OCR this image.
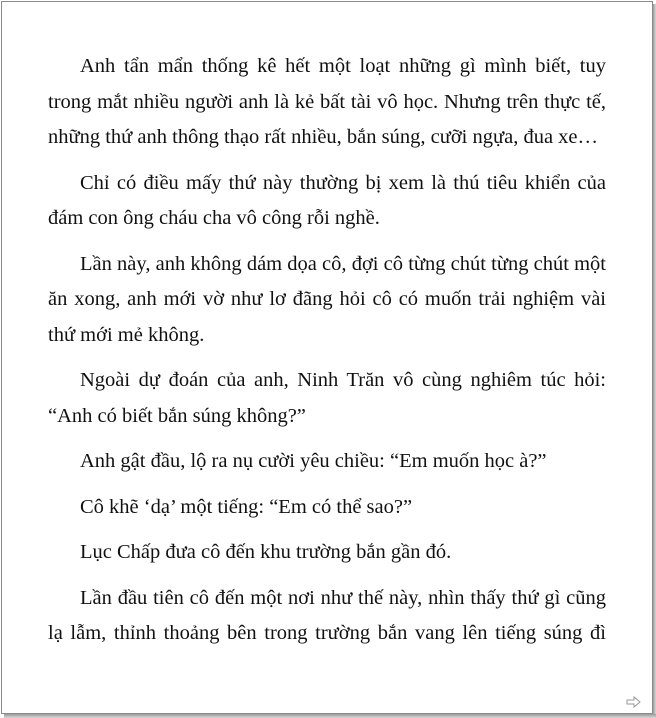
Anh tẩn mẩn thống kê hết một loạt những gì mình biết, tuy trong mắt nhiều người anh là kẻ bất tài vô học. Nhưng trên thực tế, những thứ anh thông thạo rất nhiều, bắn súng, cưỡi ngựa, đua xe…

Chỉ có điều mấy thứ này thường bị xem là thú tiêu khiển của đám con ông cháu cha vô công rỗi nghề.

Lần này, anh không dám dọa cô, đợi cô từng chút từng chút một ăn xong, anh mới vờ như lơ đãng hỏi cô có muốn trải nghiệm vài thứ mới mẻ không.

Ngoài dự đoán của anh, Ninh Trăn vô cùng nghiêm túc hỏi: “Anh có biết bắn súng không?”

Anh gật đầu, lộ ra nụ cười yêu chiều: “Em muốn học à?”

Cô khẽ ‘dạ’ một tiếng: “Em có thể sao?”

Lục Chấp đưa cô đến khu trường bắn gần đó.

Lần đầu tiên cô đến một nơi như thế này, nhìn thấy thứ gì cũng lạ lẫm, thỉnh thoảng bên trong trường bắn vang lên tiếng súng đì
